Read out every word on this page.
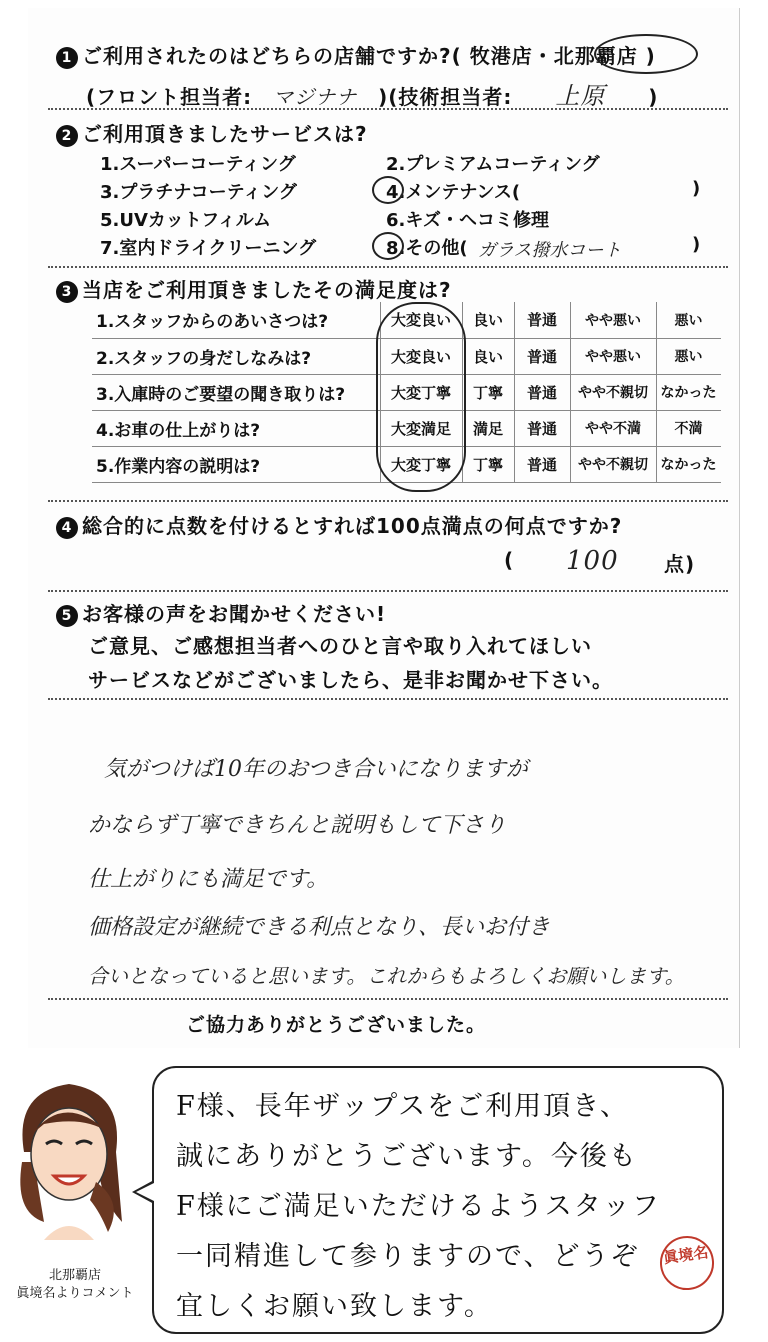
1 ご利用されたのはどちらの店舗ですか?( 牧港店・北那覇店 )
(フロント担当者: マジナナ )(技術担当者: 上原 )
2 ご利用頂きましたサービスは?
1.スーパーコーティング	2.プレミアムコーティング
3.プラチナコーティング	4.メンテナンス(	)
5.UVカットフィルム	6.キズ・ヘコミ修理
7.室内ドライクリーニング	8.その他( ガラス撥水コート	)
3 当店をご利用頂きましたその満足度は?
1.スタッフからのあいさつは?	大変良い	良い	普通	やや悪い	悪い
2.スタッフの身だしなみは?	大変良い	良い	普通	やや悪い	悪い
3.入庫時のご要望の聞き取りは?	大変丁寧	丁寧	普通	やや不親切	なかった
4.お車の仕上がりは?	大変満足	満足	普通	やや不満	不満
5.作業内容の説明は?	大変丁寧	丁寧	普通	やや不親切	なかった
4 総合的に点数を付けるとすれば100点満点の何点ですか?
( 100 点)
5 お客様の声をお聞かせください!
ご意見、ご感想担当者へのひと言や取り入れてほしい
サービスなどがございましたら、是非お聞かせ下さい。
気がつけば10年のおつき合いになりますが
かならず丁寧できちんと説明もして下さり
仕上がりにも満足です。
価格設定が継続できる利点となり、長いお付き
合いとなっていると思います。これからもよろしくお願いします。
ご協力ありがとうございました。
北那覇店
眞境名よりコメント
F様、長年ザップスをご利用頂き、
誠にありがとうございます。今後も
F様にご満足いただけるようスタッフ
一同精進して参りますので、どうぞ
宜しくお願い致します。
眞境名
